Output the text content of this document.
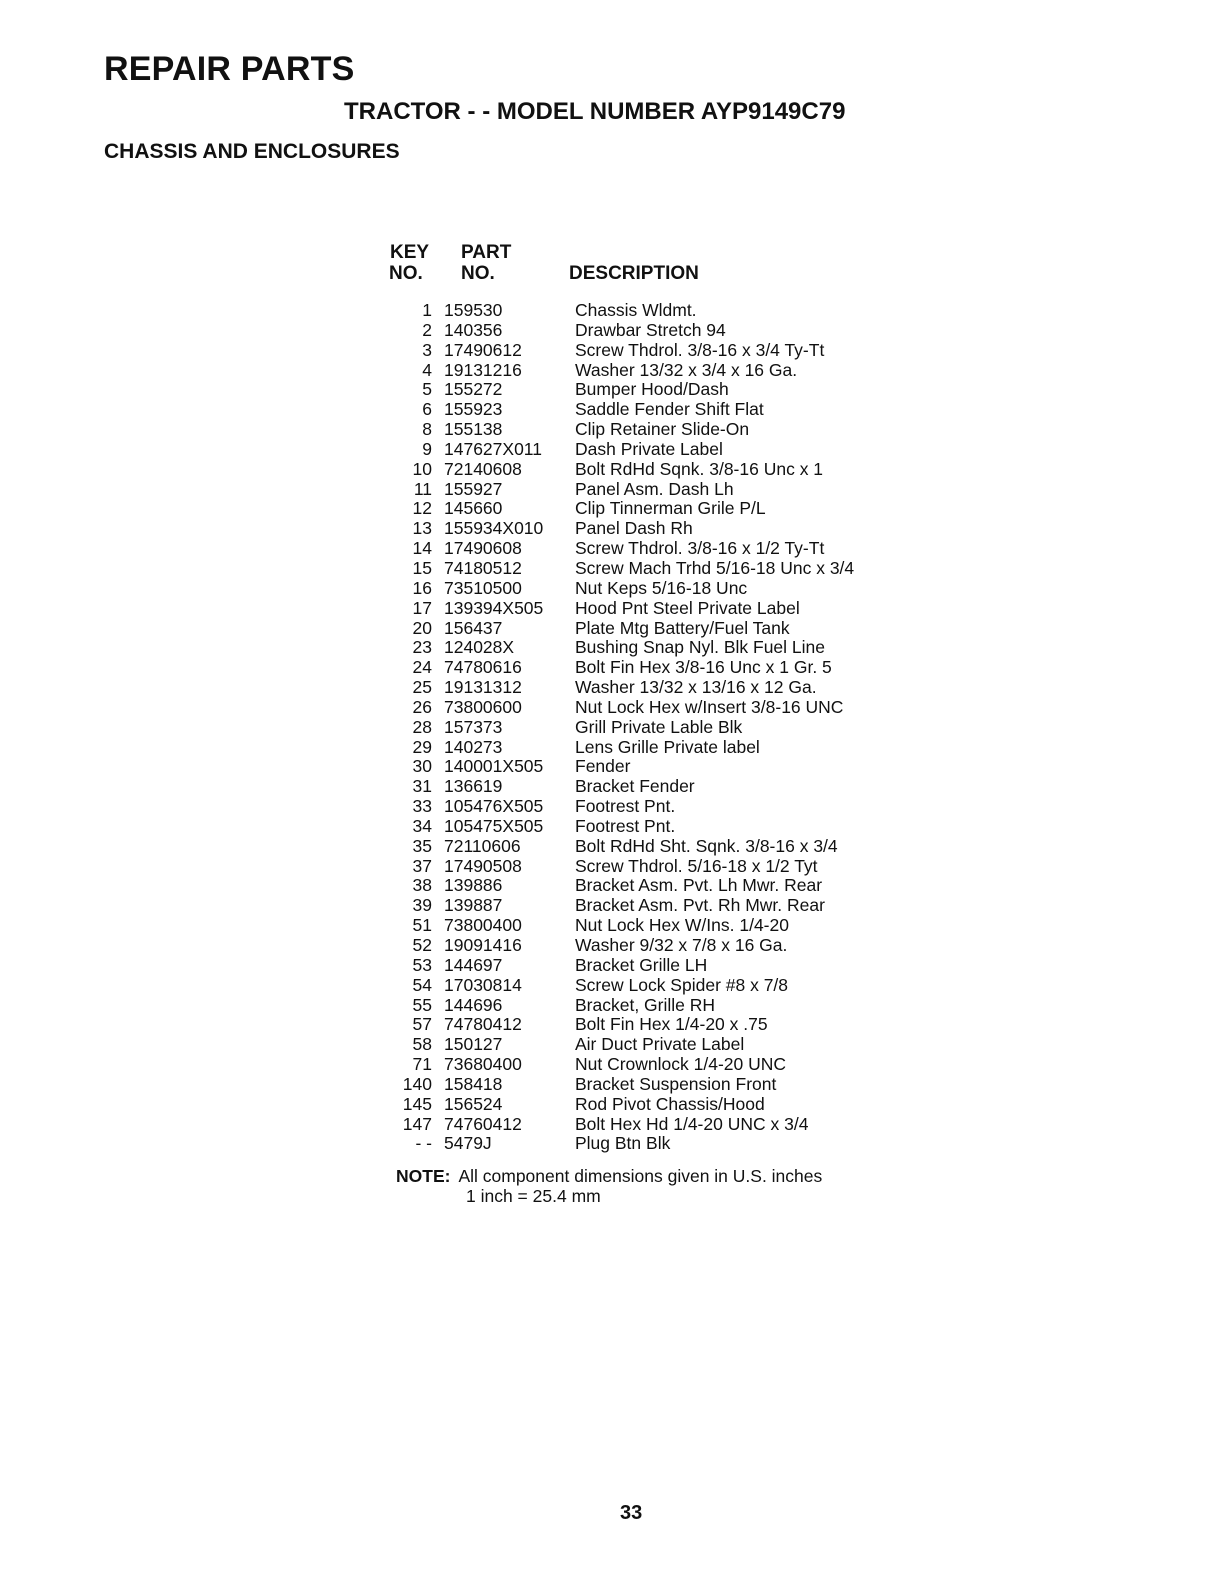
REPAIR PARTS
TRACTOR - - MODEL NUMBER AYP9149C79
CHASSIS AND ENCLOSURES
KEY
NO.
PART
NO.	DESCRIPTION
1 159530	Chassis Wldmt.
2 140356	Drawbar Stretch 94
3 17490612	Screw Thdrol. 3/8-16 x 3/4 Ty-Tt
4 19131216	Washer 13/32 x 3/4 x 16 Ga.
5 155272	Bumper Hood/Dash
6 155923	Saddle Fender Shift Flat
8 155138	Clip Retainer Slide-On
9 147627X011 Dash Private Label
10 72140608	Bolt RdHd Sqnk. 3/8-16 Unc x 1
11 155927	Panel Asm. Dash Lh
12 145660	Clip Tinnerman Grile P/L
13 155934X010 Panel Dash Rh
14 17490608	Screw Thdrol. 3/8-16 x 1/2 Ty-Tt
15 74180512	Screw Mach Trhd 5/16-18 Unc x 3/4
16 73510500	Nut Keps 5/16-18 Unc
17 139394X505 Hood Pnt Steel Private Label
20 156437	Plate Mtg Battery/Fuel Tank
23 124028X	Bushing Snap Nyl. Blk Fuel Line
24 74780616	Bolt Fin Hex 3/8-16 Unc x 1 Gr. 5
25 19131312	Washer 13/32 x 13/16 x 12 Ga.
26 73800600	Nut Lock Hex w/Insert 3/8-16 UNC
28 157373	Grill Private Lable Blk
29 140273	Lens Grille Private label
30 140001X505 Fender
31 136619	Bracket Fender
33 105476X505 Footrest Pnt.
34 105475X505 Footrest Pnt.
35 72110606	Bolt RdHd Sht. Sqnk. 3/8-16 x 3/4
37 17490508	Screw Thdrol. 5/16-18 x 1/2 Tyt
38 139886	Bracket Asm. Pvt. Lh Mwr. Rear
39 139887	Bracket Asm. Pvt. Rh Mwr. Rear
51 73800400	Nut Lock Hex W/Ins. 1/4-20
52 19091416	Washer 9/32 x 7/8 x 16 Ga.
53 144697	Bracket Grille LH
54 17030814	Screw Lock Spider #8 x 7/8
55 144696	Bracket, Grille RH
57 74780412	Bolt Fin Hex 1/4-20 x .75
58 150127	Air Duct Private Label
71 73680400	Nut Crownlock 1/4-20 UNC
140 158418	Bracket Suspension Front
145 156524	Rod Pivot Chassis/Hood
147 74760412	Bolt Hex Hd 1/4-20 UNC x 3/4
- - 5479J	Plug Btn Blk
NOTE: All component dimensions given in U.S. inches
1 inch = 25.4 mm
33
